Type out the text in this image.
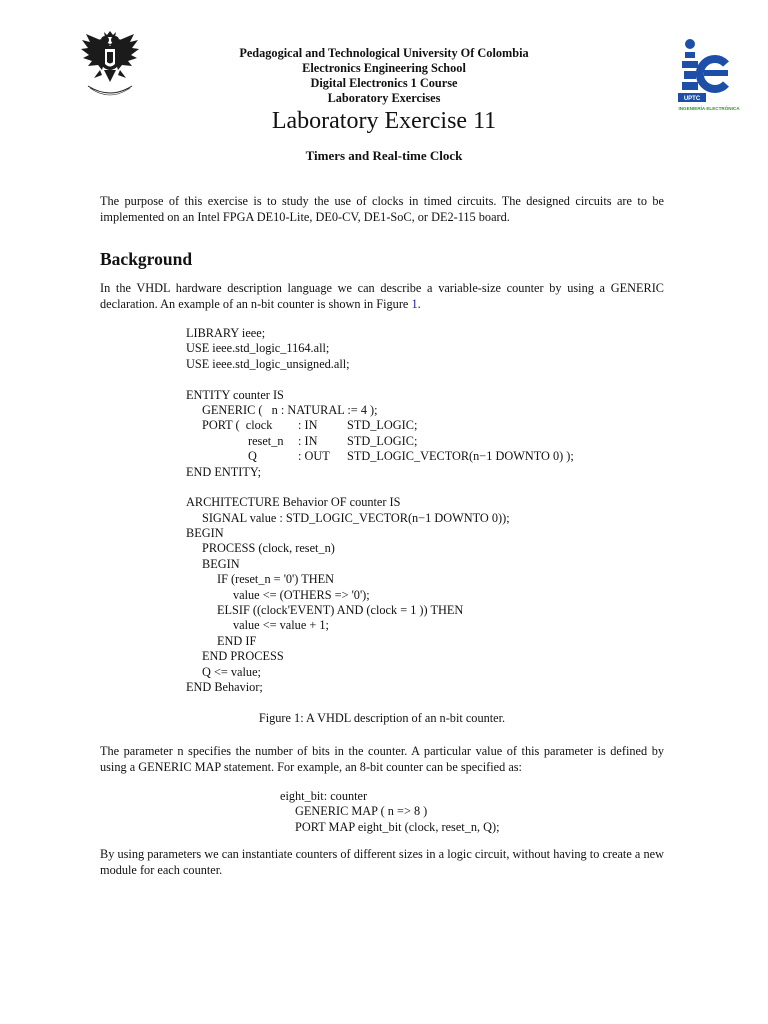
UPTC
INGENIERÍA ELECTRÓNICA
Pedagogical and Technological University Of Colombia
Electronics Engineering School
Digital Electronics 1 Course
Laboratory Exercises
Laboratory Exercise 11
Timers and Real-time Clock

The purpose of this exercise is to study the use of clocks in timed circuits. The designed circuits are to be implemented on an Intel FPGA DE10-Lite, DE0-CV, DE1-SoC, or DE2-115 board.

Background

In the VHDL hardware description language we can describe a variable-size counter by using a GENERIC declaration. An example of an n-bit counter is shown in Figure 1.

LIBRARY ieee;
USE ieee.std_logic_1164.all;
USE ieee.std_logic_unsigned.all;
ENTITY counter IS
GENERIC (   n : NATURAL := 4 );
PORT (  clock : IN STD_LOGIC;
reset_n : IN STD_LOGIC;
Q	: OUT STD_LOGIC_VECTOR(n−1 DOWNTO 0) );
END ENTITY;
ARCHITECTURE Behavior OF counter IS
SIGNAL value : STD_LOGIC_VECTOR(n−1 DOWNTO 0));
BEGIN
PROCESS (clock, reset_n)
BEGIN
IF (reset_n = '0') THEN
value <= (OTHERS => '0');
ELSIF ((clock'EVENT) AND (clock = 1 )) THEN
value <= value + 1;
END IF
END PROCESS
Q <= value;
END Behavior;
Figure 1: A VHDL description of an n-bit counter.

The parameter n specifies the number of bits in the counter. A particular value of this parameter is defined by using a GENERIC MAP statement. For example, an 8-bit counter can be specified as:

eight_bit: counter
GENERIC MAP ( n => 8 )
PORT MAP eight_bit (clock, reset_n, Q);

By using parameters we can instantiate counters of different sizes in a logic circuit, without having to create a new module for each counter.
